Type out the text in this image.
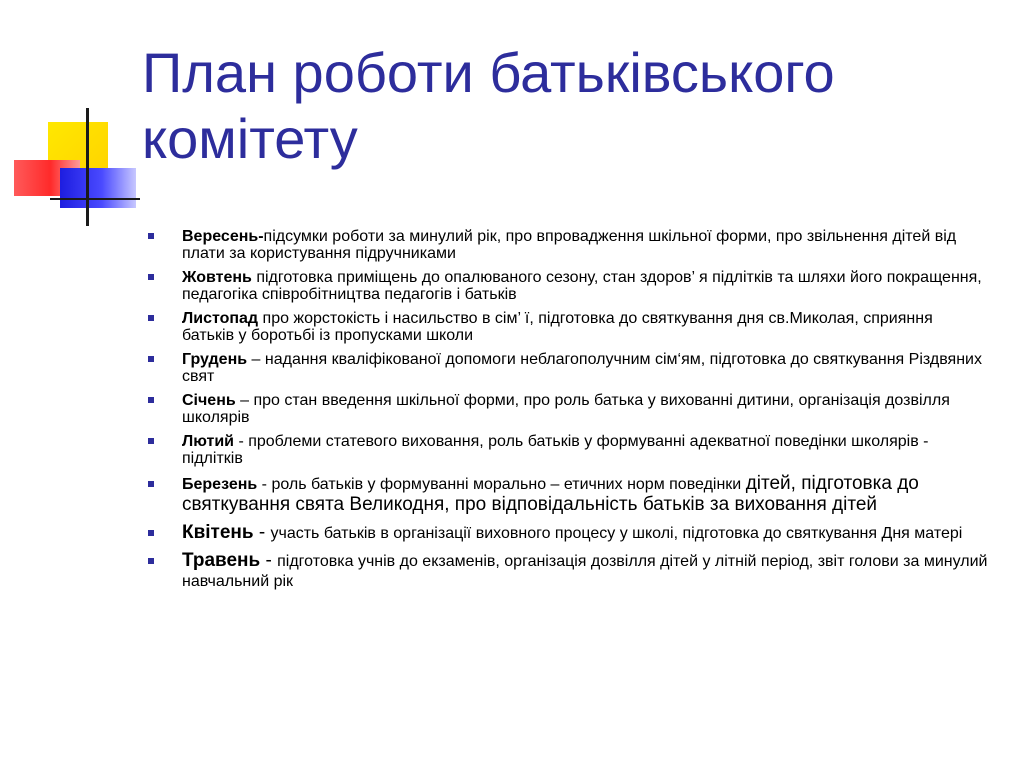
План роботи батьківського комітету
Вересень-підсумки роботи за минулий рік, про впровадження шкільної форми, про звільнення дітей від плати за користування підручниками
Жовтень підготовка приміщень до опалюваного сезону, стан здоров’ я підлітків та шляхи його покращення, педагогіка співробітництва педагогів і батьків
Листопад про жорстокість і насильство в сім’ ї, підготовка до святкування дня св.Миколая, сприяння батьків у боротьбі із пропусками школи
Грудень – надання кваліфікованої допомоги неблагополучним сім‘ям, підготовка до святкування Різдвяних свят
Січень – про стан введення шкільної форми, про роль батька у вихованні дитини, організація дозвілля школярів
Лютий - проблеми статевого виховання, роль батьків у формуванні адекватної поведінки школярів - підлітків
Березень - роль батьків у формуванні морально – етичних норм поведінки дітей, підготовка до святкування свята Великодня, про відповідальність батьків за виховання дітей
Квітень - участь батьків в організації виховного процесу у школі, підготовка до святкування Дня матері
Травень - підготовка учнів до екзаменів, організація дозвілля дітей у літній період, звіт голови за минулий навчальний рік
